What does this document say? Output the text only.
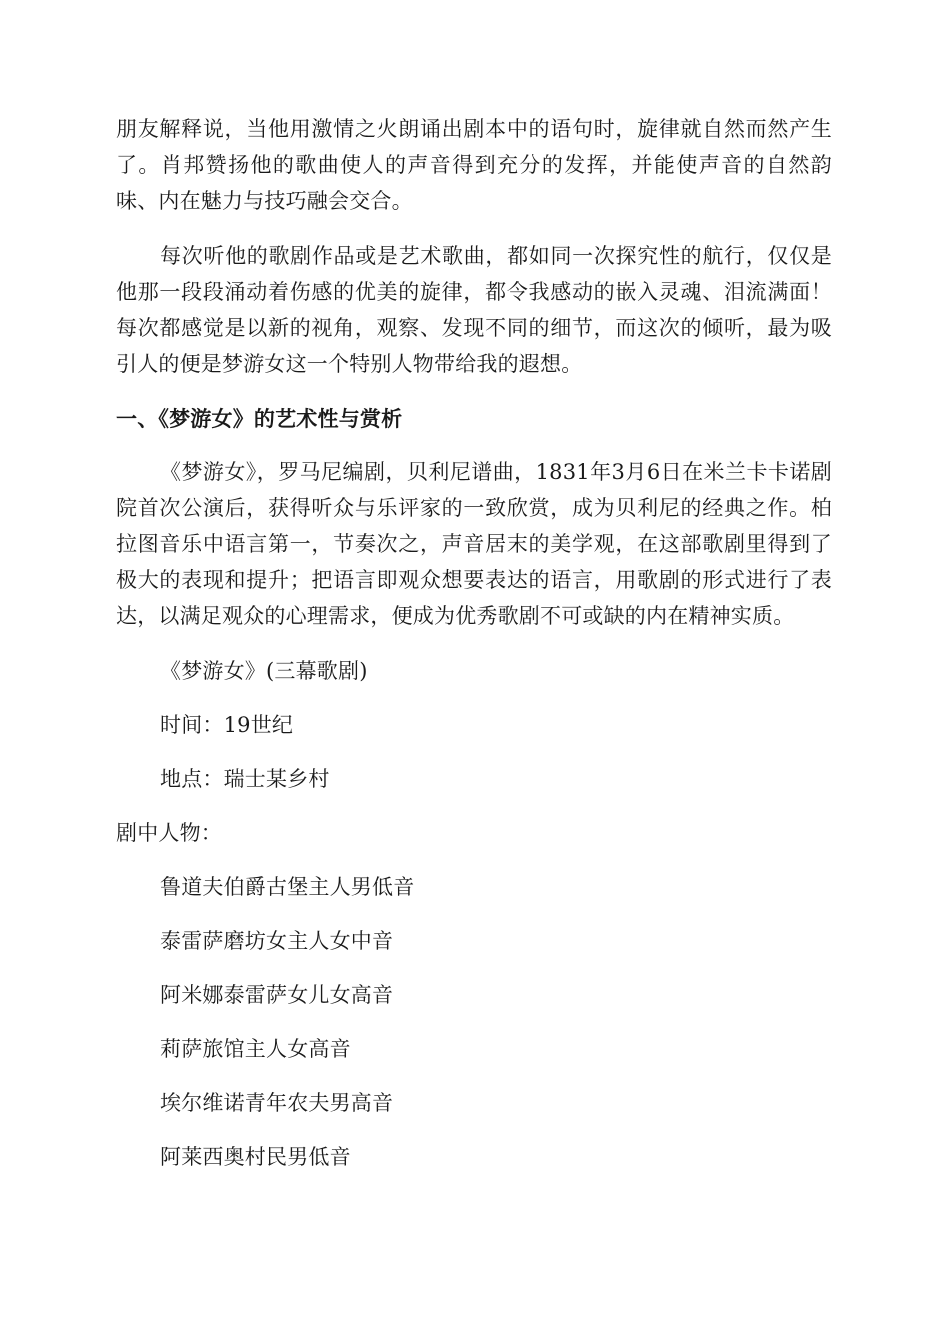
朋友解释说，当他用激情之火朗诵出剧本中的语句时，旋律就自然而然产生了。肖邦赞扬他的歌曲使人的声音得到充分的发挥，并能使声音的自然韵味、内在魅力与技巧融会交合。

每次听他的歌剧作品或是艺术歌曲，都如同一次探究性的航行，仅仅是他那一段段涌动着伤感的优美的旋律，都令我感动的嵌入灵魂、泪流满面！每次都感觉是以新的视角，观察、发现不同的细节，而这次的倾听，最为吸引人的便是梦游女这一个特别人物带给我的遐想。

一、《梦游女》的艺术性与赏析

《梦游女》，罗马尼编剧，贝利尼谱曲，1831年3月6日在米兰卡卡诺剧院首次公演后，获得听众与乐评家的一致欣赏，成为贝利尼的经典之作。柏拉图音乐中语言第一，节奏次之，声音居末的美学观，在这部歌剧里得到了极大的表现和提升；把语言即观众想要表达的语言，用歌剧的形式进行了表达，以满足观众的心理需求，便成为优秀歌剧不可或缺的内在精神实质。

《梦游女》(三幕歌剧)

时间：19世纪

地点：瑞士某乡村

剧中人物：

鲁道夫伯爵古堡主人男低音
泰雷萨磨坊女主人女中音
阿米娜泰雷萨女儿女高音
莉萨旅馆主人女高音
埃尔维诺青年农夫男高音
阿莱西奥村民男低音
